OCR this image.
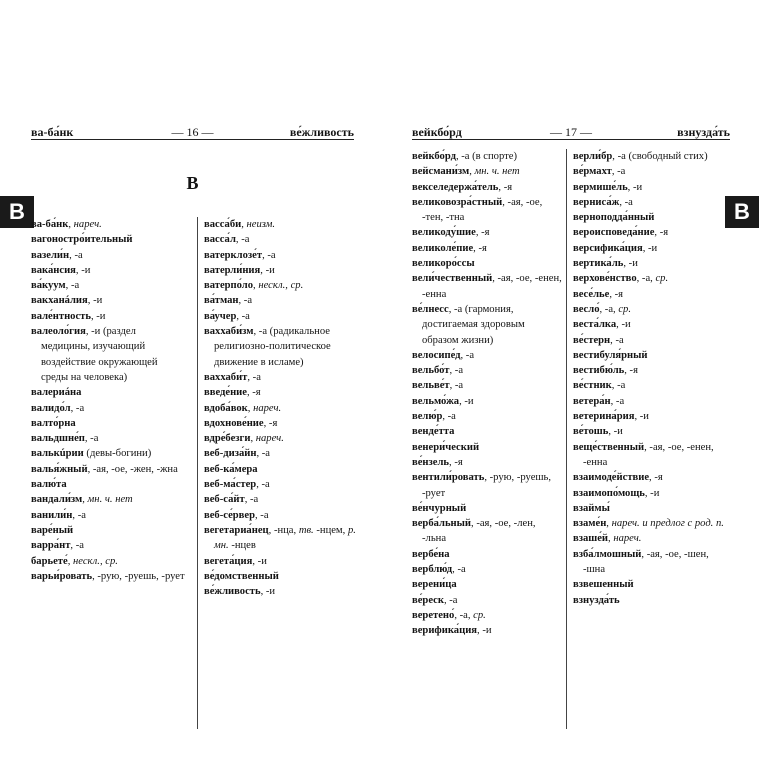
В	В
ва-ба́нк	— 16 —	ве́жливость
В
ва-ба́нк, нареч.
вагоностро́ительный
вазели́н, -а
вака́нсия, -и
ва́куум, -а
вакханáлия, -и
вале́нтность, -и
валеоло́гия, -и (раздел медицины, изучающий воздействие окружающей среды на человека)
валериáна
валидо́л, -а
валто́рна
вальдшне́п, -а
валькúрии (девы-богини)
валья́жный, -ая, -ое, -жен, -жна
валю́та
вандали́зм, мн. ч. нет
ванили́н, -а
варе́ный
варра́нт, -а
барьете́, нескл., ср.
варьи́ровать, -рую, -руешь, -рует
васса́би, неизм.
васса́л, -а
ватерклозе́т, -а
ватерли́ния, -и
ватерпо́ло, нескл., ср.
ва́тман, -а
ва́учер, -а
ваххаби́зм, -а (радикальное религиозно-политическое движение в исламе)
ваххаби́т, -а
введе́ние, -я
вдоба́вок, нареч.
вдохнове́ние, -я
вдре́безги, нареч.
веб-диза́йн, -а
веб-ка́мера
веб-ма́стер, -а
веб-са́йт, -а
веб-се́рвер, -а
вегетариа́нец, -нца, тв. -нцем, р. мн. -нцев
вегета́ция, -и
ве́домственный
ве́жливость, -и
вейкбо́рд	— 17 —	взнузда́ть
вейкбо́рд, -а (в спорте)
вейсмани́зм, мн. ч. нет
векселедержа́тель, -я
великовозра́стный, -ая, -ое, -тен, -тна
великоду́шие, -я
великоле́пие, -я
великоро́ссы
вели́чественный, -ая, -ое, -енен, -енна
ве́лнесс, -а (гармония, достигаемая здоровым образом жизни)
велосипе́д, -а
вельбо́т, -а
вельве́т, -а
вельмо́жа, -и
велю́р, -а
венде́тта
венери́ческий
ве́нзель, -я
вентили́ровать, -рую, -руешь, -рует
ве́нчурный
верба́льный, -ая, -ое, -лен, -льна
вербе́на
верблю́д, -а
верени́ца
ве́реск, -а
веретено́, -а, ср.
верифика́ция, -и
верли́бр, -а (свободный стих)
ве́рмахт, -а
вермише́ль, -и
верниса́ж, -а
верноподда́нный
вероисповеда́ние, -я
версифика́ция, -и
вертика́ль, -и
верхове́нство, -а, ср.
весе́лье, -я
весло́, -а, ср.
веста́лка, -и
ве́стерн, -а
вестибуля́рный
вестибю́ль, -я
ве́стник, -а
ветера́н, -а
ветерина́рия, -и
ве́тошь, -и
веще́ственный, -ая, -ое, -енен, -енна
взаимоде́йствие, -я
взаимопо́мощь, -и
взаймы́
взаме́н, нареч. и предлог с род. п.
взаше́й, нареч.
взба́лмошный, -ая, -ое, -шен, -шна
взвешенный
взнузда́ть
